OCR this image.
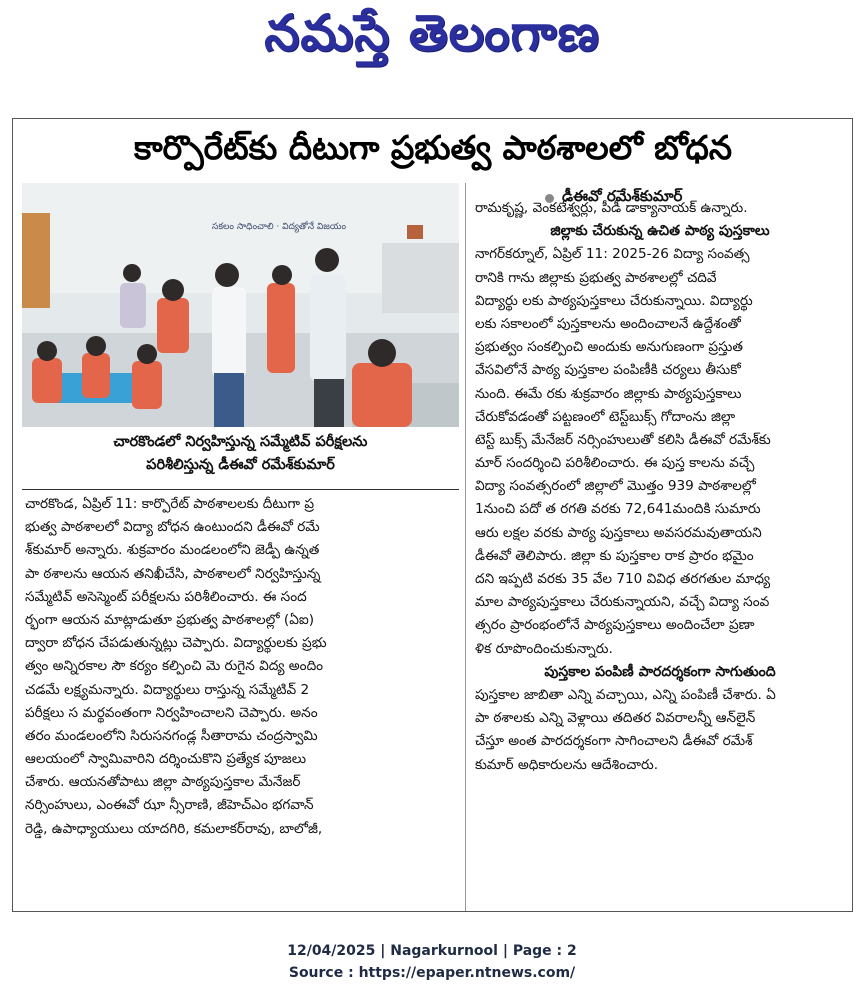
నమస్తే తెలంగాణ
కార్పొరేట్‌కు దీటుగా ప్రభుత్వ పాఠశాలలో బోధన
సకలం సాధించాలి · విద్యతోనే విజయం
చారకొండలో నిర్వహిస్తున్న సమ్మేటివ్ పరీక్షలను
పరిశీలిస్తున్న డీఈవో రమేశ్‌కుమార్
చారకొండ, ఏప్రిల్ 11: కార్పొరేట్ పాఠశాలలకు దీటుగా ప్ర
భుత్వ పాఠశాలలో విద్యా బోధన ఉంటుందని డీఈవో రమే
శ్‌కుమార్ అన్నారు. శుక్రవారం మండలంలోని జెడ్పీ ఉన్నత
పా ఠశాలను ఆయన తనిఖీచేసి, పాఠశాలలో నిర్వహిస్తున్న
సమ్మేటివ్ అసెస్మెంట్ పరీక్షలను పరిశీలించారు. ఈ సంద
ర్భంగా ఆయన మాట్లాడుతూ ప్రభుత్వ పాఠశాలల్లో (ఏఐ)
ద్వారా బోధన చేపడుతున్నట్లు చెప్పారు. విద్యార్థులకు ప్రభు
త్వం అన్నిరకాల సౌ కర్యం కల్పించి మె రుగైన విద్య అందిం
చడమే లక్ష్యమన్నారు. విద్యార్థులు రాస్తున్న సమ్మేటివ్ 2
పరీక్షలు స మర్థవంతంగా నిర్వహించాలని చెప్పారు. అనం
తరం మండలంలోని సిరుసనగండ్ల సీతారామ చంద్రస్వామి
ఆలయంలో స్వామివారిని దర్శించుకొని ప్రత్యేక పూజలు
చేశారు. ఆయనతోపాటు జిల్లా పాఠ్యపుస్తకాల మేనేజర్
నర్సింహులు, ఎంఈవో ఝా న్సీరాణి, జీహెచ్ఎం భగవాన్
రెడ్డి, ఉపాధ్యాయులు యాదగిరి, కమలాకర్‌రావు, బాలోజీ,
డీఈవో రమేశ్‌కుమార్
రామకృష్ణ, వెంకటేశ్వర్లు, పీడీ డాక్యానాయక్ ఉన్నారు.
జిల్లాకు చేరుకున్న ఉచిత పాఠ్య పుస్తకాలు
నాగర్‌కర్నూల్, ఏప్రిల్ 11: 2025-26 విద్యా సంవత్స
రానికి గాను జిల్లాకు ప్రభుత్వ పాఠశాలల్లో చదివే
విద్యార్థు లకు పాఠ్యపుస్తకాలు చేరుకున్నాయి. విద్యార్థు
లకు సకాలంలో పుస్తకాలను అందించాలనే ఉద్దేశంతో
ప్రభుత్వం సంకల్పించి అందుకు అనుగుణంగా ప్రస్తుత
వేసవిలోనే పాఠ్య పుస్తకాల పంపిణీకి చర్యలు తీసుకో
నుంది. ఈమే రకు శుక్రవారం జిల్లాకు పాఠ్యపుస్తకాలు
చేరుకోవడంతో పట్టణంలో టెస్ట్‌బుక్స్ గోదాంను జిల్లా
టెస్ట్ బుక్స్ మేనేజర్ నర్సింహులుతో కలిసి డీఈవో రమేశ్‌కు
మార్ సందర్శించి పరిశీలించారు. ఈ పుస్త కాలను వచ్చే
విద్యా సంవత్సరంలో జిల్లాలో మొత్తం 939 పాఠశాలల్లో
1నుంచి పదో త రగతి వరకు 72,641మందికి సుమారు
ఆరు లక్షల వరకు పాఠ్య పుస్తకాలు అవసరమవుతాయని
డీఈవో తెలిపారు. జిల్లా కు పుస్తకాల రాక ప్రారం భమైం
దని ఇప్పటి వరకు 35 వేల 710 వివిధ తరగతుల మాధ్య
మాల పాఠ్యపుస్తకాలు చేరుకున్నాయని, వచ్చే విద్యా సంవ
త్సరం ప్రారంభంలోనే పాఠ్యపుస్తకాలు అందించేలా ప్రణా
ళిక రూపొందించుకున్నారు.
పుస్తకాల పంపిణీ పారదర్శకంగా సాగుతుంది
పుస్తకాల జాబితా ఎన్ని వచ్చాయి, ఎన్ని పంపిణీ చేశారు. ఏ
పా ఠశాలకు ఎన్ని వెళ్లాయి తదితర వివరాలన్నీ ఆన్‌లైన్
చేస్తూ అంత పారదర్శకంగా సాగించాలని డీఈవో రమేశ్
కుమార్ అధికారులను ఆదేశించారు.
12/04/2025 | Nagarkurnool | Page : 2
Source : https://epaper.ntnews.com/
